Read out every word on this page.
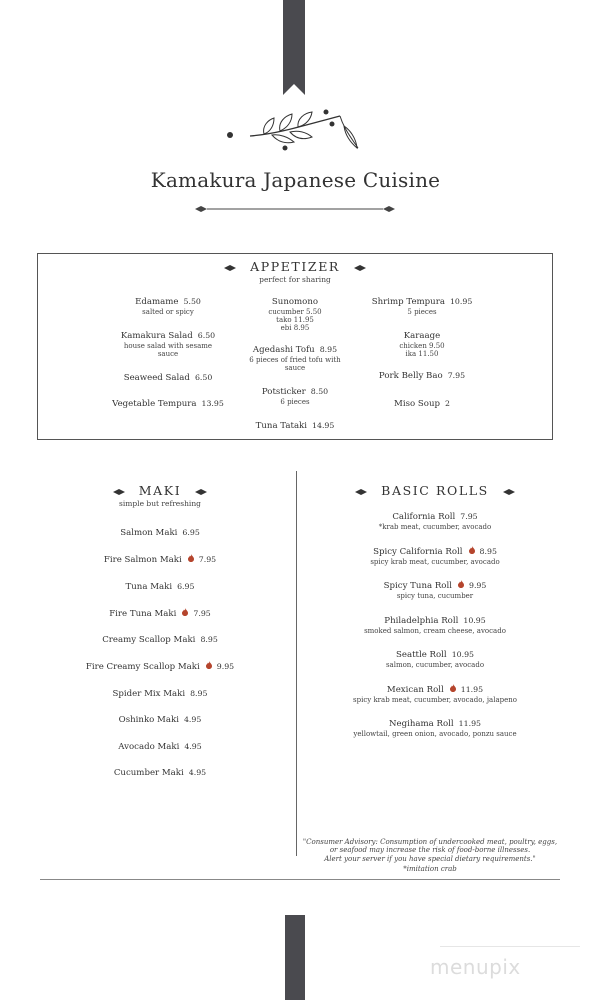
Kamakura Japanese Cuisine
APPETIZER
perfect for sharing
Edamame 5.50
salted or spicy
Kamakura Salad 6.50
house salad with sesame
sauce
Seaweed Salad 6.50
Vegetable Tempura 13.95
Sunomono
cucumber 5.50
tako 11.95
ebi 8.95
Agedashi Tofu 8.95
6 pieces of fried tofu with
sauce
Potsticker 8.50
6 pieces
Tuna Tataki 14.95
Shrimp Tempura 10.95
5 pieces
Karaage
chicken 9.50
ika 11.50
Pork Belly Bao 7.95
Miso Soup 2
MAKI
simple but refreshing
Salmon Maki 6.95
Fire Salmon Maki 7.95
Tuna Maki 6.95
Fire Tuna Maki 7.95
Creamy Scallop Maki 8.95
Fire Creamy Scallop Maki 9.95
Spider Mix Maki 8.95
Oshinko Maki 4.95
Avocado Maki 4.95
Cucumber Maki 4.95
BASIC ROLLS
California Roll 7.95
*krab meat, cucumber, avocado
Spicy California Roll 8.95
spicy krab meat, cucumber, avocado
Spicy Tuna Roll 9.95
spicy tuna, cucumber
Philadelphia Roll 10.95
smoked salmon, cream cheese, avocado
Seattle Roll 10.95
salmon, cucumber, avocado
Mexican Roll 11.95
spicy krab meat, cucumber, avocado, jalapeno
Negihama Roll 11.95
yellowtail, green onion, avocado, ponzu sauce
"Consumer Advisory: Consumption of undercooked meat, poultry, eggs,
or seafood may increase the risk of food-borne illnesses.
Alert your server if you have special dietary requirements."
*imitation crab
menupix
